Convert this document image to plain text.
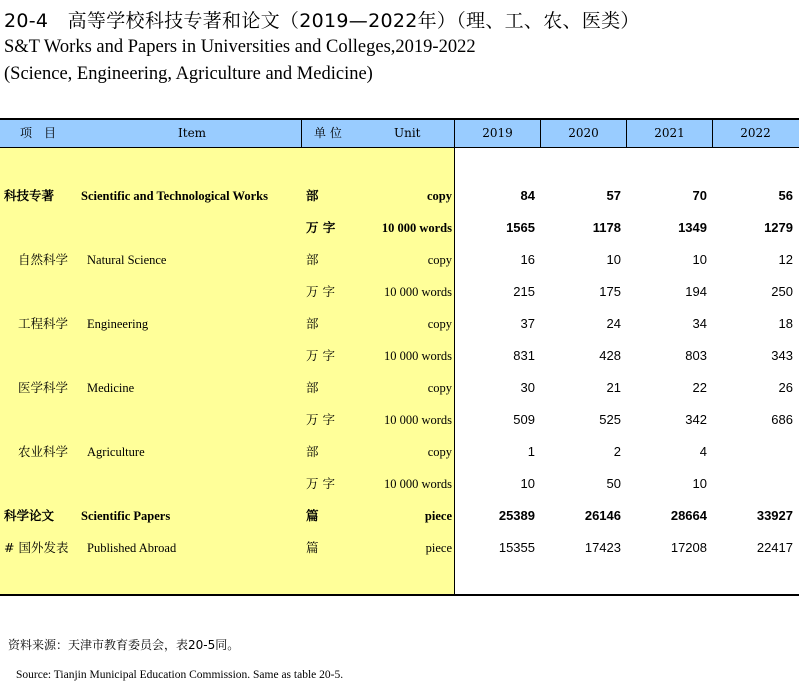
20-4　高等学校科技专著和论文（2019—2022年）（理、工、农、医类）
S&T Works and Papers in Universities and Colleges,2019-2022
(Science, Engineering, Agriculture and Medicine)
项　目	Item	单 位	Unit	2019	2020	2021	2022
科技专著 Scientific and Technological Works	部	copy	84	57	70	56
万 字	10 000 words	1565	1178	1349	1279
自然科学 Natural Science	部	copy	16	10	10	12
万 字	10 000 words	215	175	194	250
工程科学 Engineering	部	copy	37	24	34	18
万 字	10 000 words	831	428	803	343
医学科学 Medicine	部	copy	30	21	22	26
万 字	10 000 words	509	525	342	686
农业科学 Agriculture	部	copy	1	2	4
万 字	10 000 words	10	50	10
科学论文 Scientific Papers	篇	piece	25389	26146	28664	33927
# 国外发表 Published Abroad	篇	piece	15355	17423	17208	22417
资料来源：天津市教育委员会，表20-5同。
Source: Tianjin Municipal Education Commission. Same as table 20-5.
